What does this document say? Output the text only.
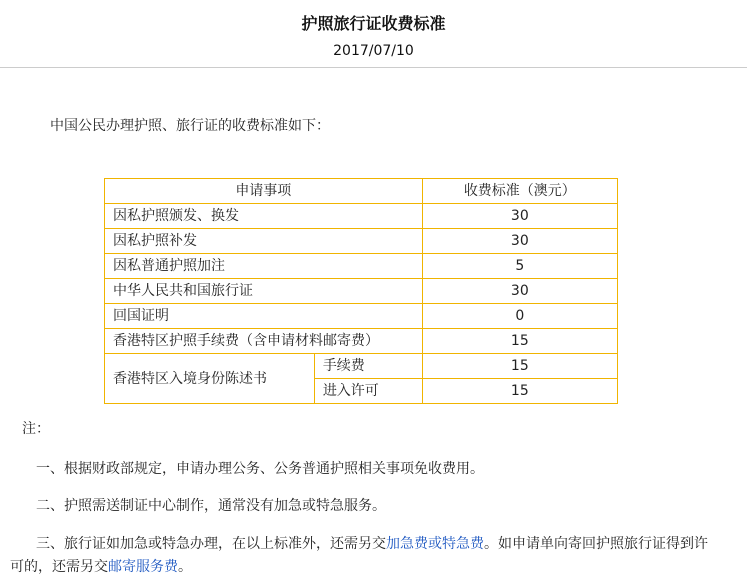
护照旅行证收费标准
2017/07/10
中国公民办理护照、旅行证的收费标准如下：
申请事项		收费标准（澳元）
因私护照颁发、换发		30
因私护照补发		30
因私普通护照加注		5
中华人民共和国旅行证		30
回国证明		0
香港特区护照手续费（含申请材料邮寄费）		15
香港特区入境身份陈述书	手续费	15
	进入许可	15
注：
一、根据财政部规定，申请办理公务、公务普通护照相关事项免收费用。
二、护照需送制证中心制作，通常没有加急或特急服务。
三、旅行证如加急或特急办理，在以上标准外，还需另交加急费或特急费。如申请单向寄回护照旅行证得到许
可的，还需另交邮寄服务费。
